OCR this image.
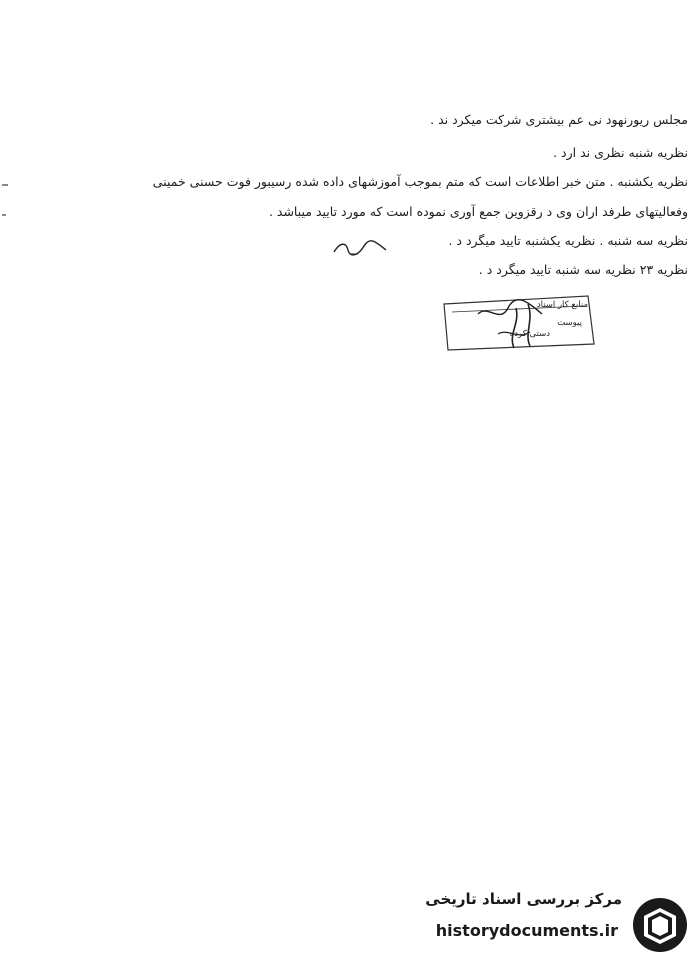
مجلس ریورنهود نی عم بیشتری شرکت میکرد ند .
نظریه شنبه نظری ند ارد .
نظریه یکشنبه . متن خبر اطلاعات است که متم بموجب آموزشهای داده شده رسیبور فوت حسنی خمینی
وفعالیتهای طرفد اران وی د رقزوین جمع آوری نموده است که مورد تایید میباشد .
نظریه سه شنبه . نظریه یکشنبه تایید میگرد د .
نظریه ۲۳ نظریه سه شنبه تایید میگرد د .
منابع کار اسناد
پیوست
دستی کرده
مرکز بررسی اسناد تاریخی
historydocuments.ir
